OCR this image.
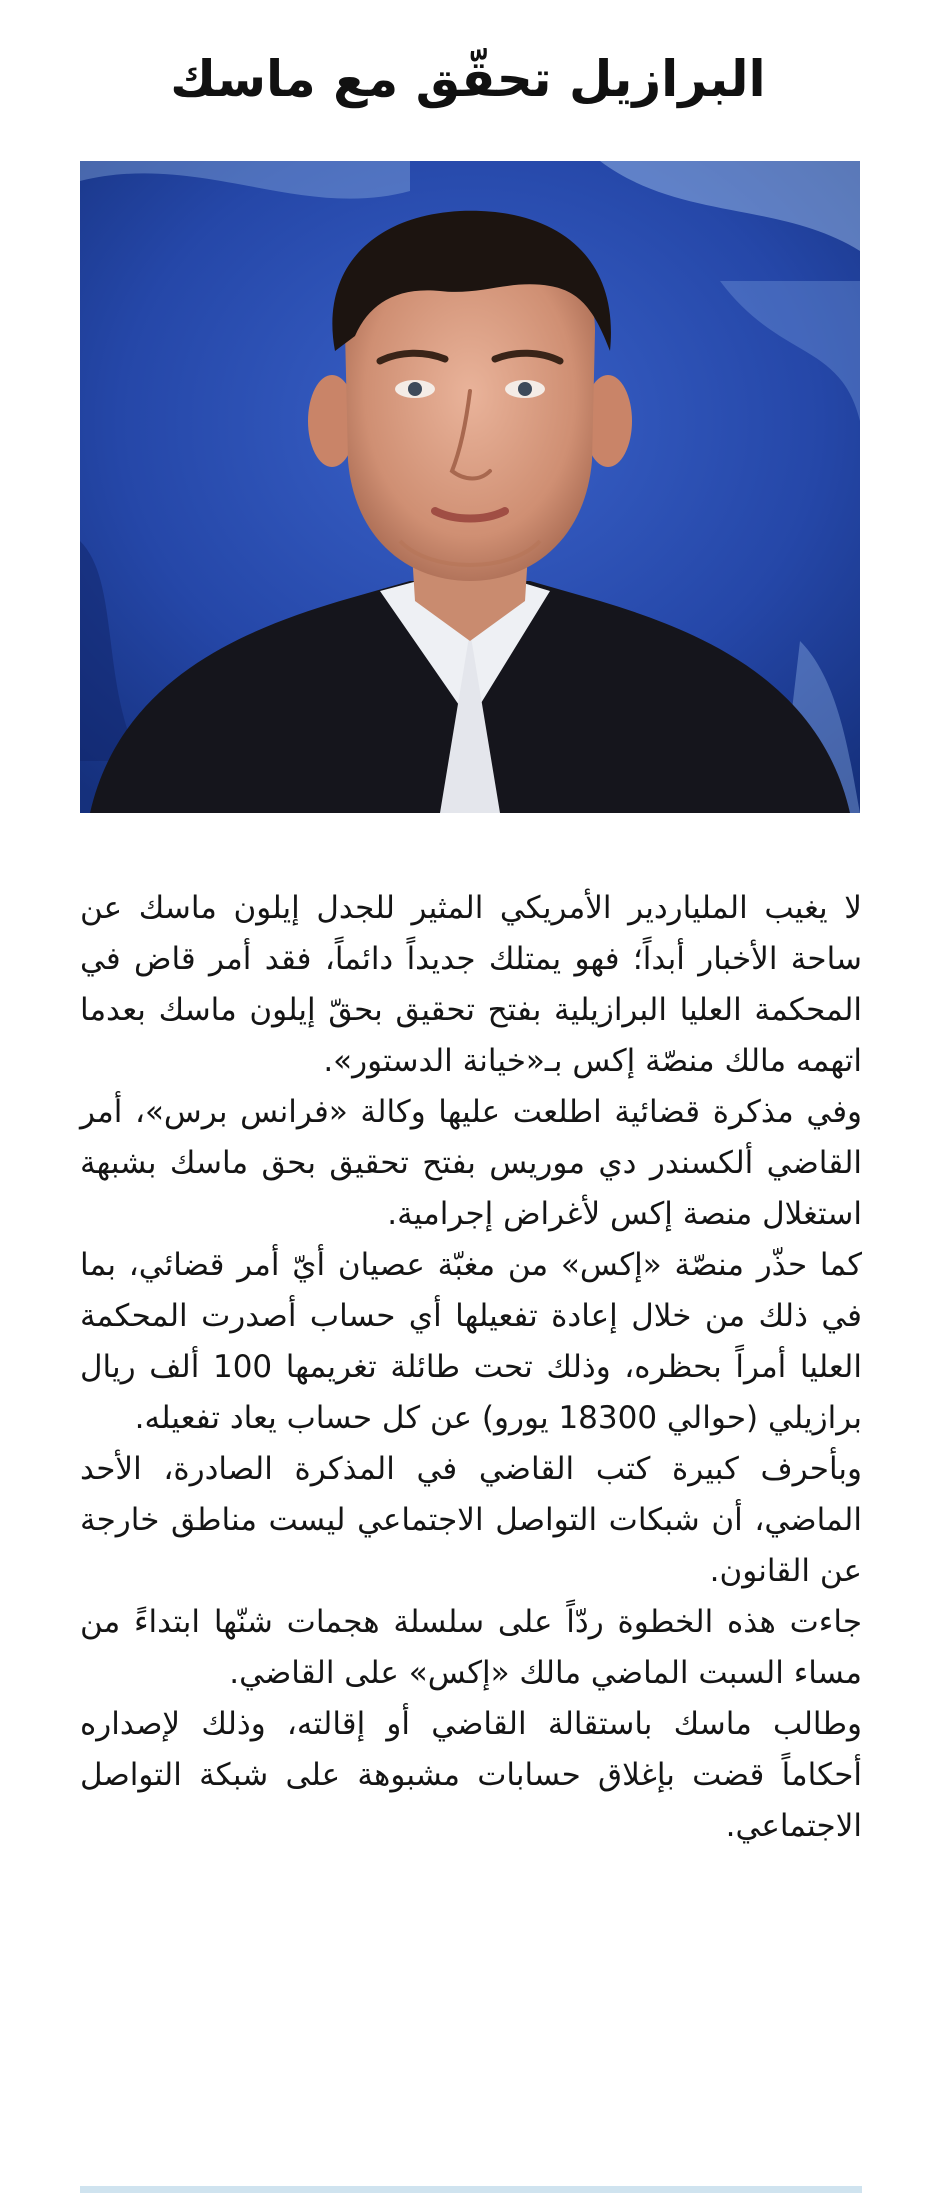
البرازيل تحقّق مع ماسك

لا يغيب الملياردير الأمريكي المثير للجدل إيلون ماسك عن ساحة الأخبار أبداً؛ فهو يمتلك جديداً دائماً، فقد أمر قاض في المحكمة العليا البرازيلية بفتح تحقيق بحقّ إيلون ماسك بعدما اتهمه مالك منصّة إكس بـ«خيانة الدستور».

وفي مذكرة قضائية اطلعت عليها وكالة «فرانس برس»، أمر القاضي ألكسندر دي موريس بفتح تحقيق بحق ماسك بشبهة استغلال منصة إكس لأغراض إجرامية.

كما حذّر منصّة «إكس» من مغبّة عصيان أيّ أمر قضائي، بما في ذلك من خلال إعادة تفعيلها أي حساب أصدرت المحكمة العليا أمراً بحظره، وذلك تحت طائلة تغريمها 100 ألف ريال برازيلي (حوالي 18300 يورو) عن كل حساب يعاد تفعيله.

وبأحرف كبيرة كتب القاضي في المذكرة الصادرة، الأحد الماضي، أن شبكات التواصل الاجتماعي ليست مناطق خارجة عن القانون.

جاءت هذه الخطوة ردّاً على سلسلة هجمات شنّها ابتداءً من مساء السبت الماضي مالك «إكس» على القاضي.

وطالب ماسك باستقالة القاضي أو إقالته، وذلك لإصداره أحكاماً قضت بإغلاق حسابات مشبوهة على شبكة التواصل الاجتماعي.
